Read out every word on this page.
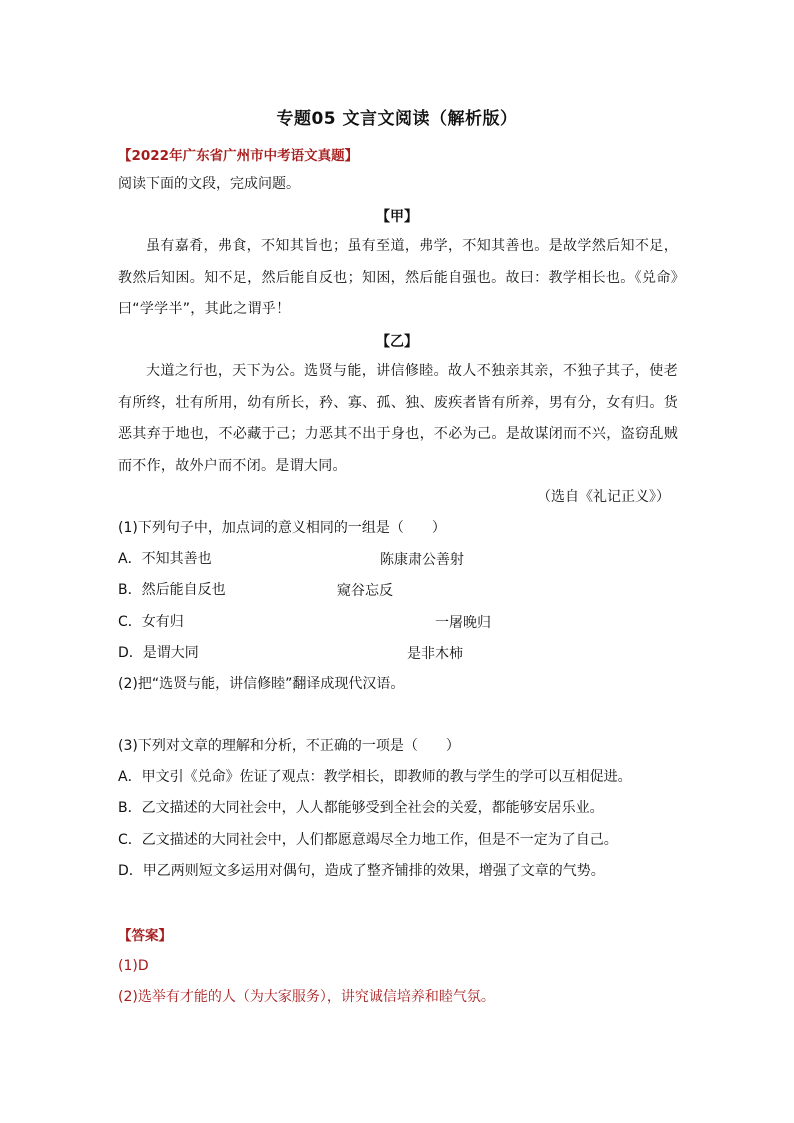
专题05 文言文阅读（解析版）
【2022年广东省广州市中考语文真题】
阅读下面的文段，完成问题。
【甲】
虽有嘉肴，弗食，不知其旨也；虽有至道，弗学，不知其善也。是故学然后知不足，教然后知困。知不足，然后能自反也；知困，然后能自强也。故曰：教学相长也。《兑命》曰“学学半”，其此之谓乎！
【乙】
大道之行也，天下为公。选贤与能，讲信修睦。故人不独亲其亲，不独子其子，使老有所终，壮有所用，幼有所长，矜、寡、孤、独、废疾者皆有所养，男有分，女有归。货恶其弃于地也，不必藏于己；力恶其不出于身也，不必为己。是故谋闭而不兴，盗窃乱贼而不作，故外户而不闭。是谓大同。
（选自《礼记正义》）
(1)下列句子中，加点词的意义相同的一组是（　　）
A．不知其善也	陈康肃公善射
B．然后能自反也	窥谷忘反
C．女有归	一屠晚归
D．是谓大同	是非木柿
(2)把“选贤与能，讲信修睦”翻译成现代汉语。
(3)下列对文章的理解和分析，不正确的一项是（　　）
A．甲文引《兑命》佐证了观点：教学相长，即教师的教与学生的学可以互相促进。
B．乙文描述的大同社会中，人人都能够受到全社会的关爱，都能够安居乐业。
C．乙文描述的大同社会中，人们都愿意竭尽全力地工作，但是不一定为了自己。
D．甲乙两则短文多运用对偶句，造成了整齐铺排的效果，增强了文章的气势。
【答案】
(1)D
(2)选举有才能的人（为大家服务），讲究诚信培养和睦气氛。
